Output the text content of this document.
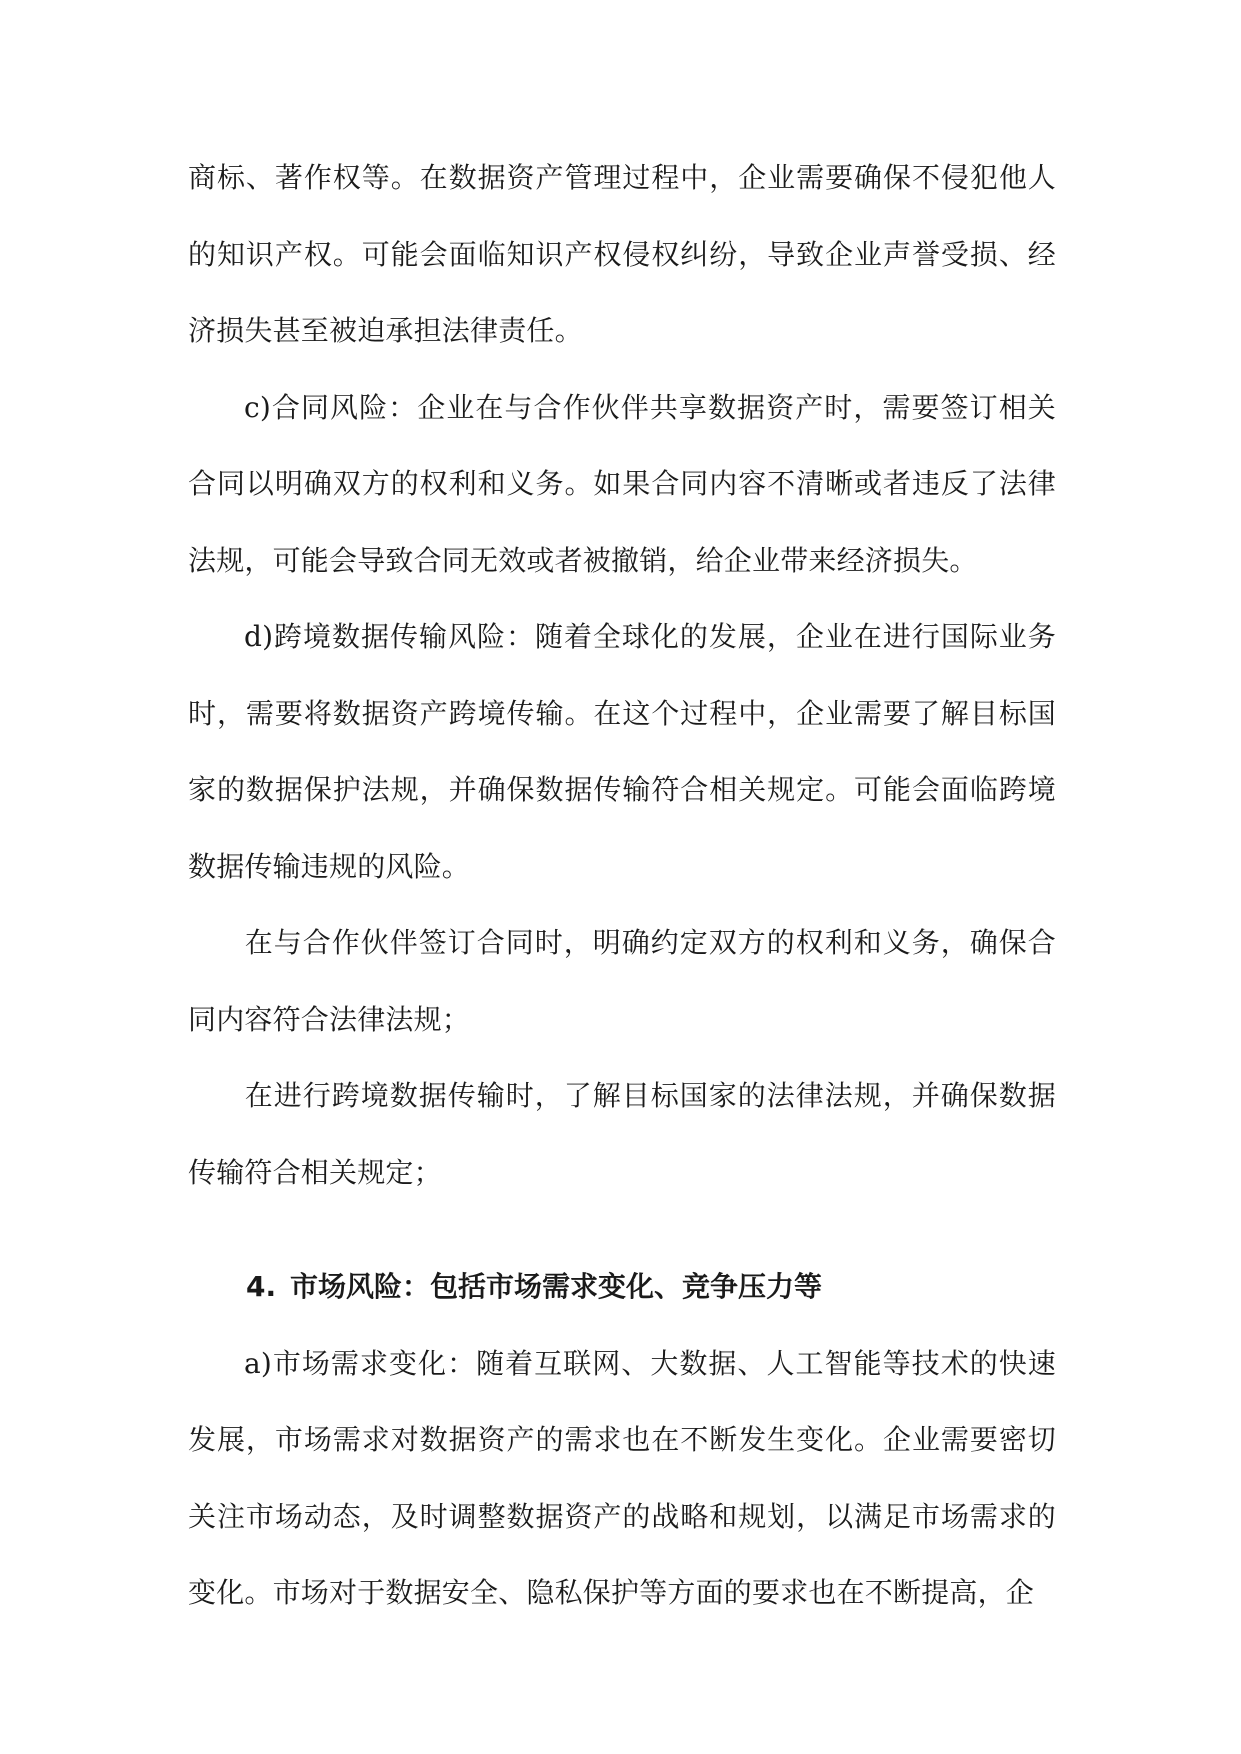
商标、著作权等。在数据资产管理过程中，企业需要确保不侵犯他人的知识产权。可能会面临知识产权侵权纠纷，导致企业声誉受损、经济损失甚至被迫承担法律责任。

c)合同风险：企业在与合作伙伴共享数据资产时，需要签订相关合同以明确双方的权利和义务。如果合同内容不清晰或者违反了法律法规，可能会导致合同无效或者被撤销，给企业带来经济损失。

d)跨境数据传输风险：随着全球化的发展，企业在进行国际业务时，需要将数据资产跨境传输。在这个过程中，企业需要了解目标国家的数据保护法规，并确保数据传输符合相关规定。可能会面临跨境数据传输违规的风险。

在与合作伙伴签订合同时，明确约定双方的权利和义务，确保合同内容符合法律法规；

在进行跨境数据传输时，了解目标国家的法律法规，并确保数据传输符合相关规定；

4. 市场风险：包括市场需求变化、竞争压力等

a)市场需求变化：随着互联网、大数据、人工智能等技术的快速发展，市场需求对数据资产的需求也在不断发生变化。企业需要密切关注市场动态，及时调整数据资产的战略和规划，以满足市场需求的变化。市场对于数据安全、隐私保护等方面的要求也在不断提高，企
